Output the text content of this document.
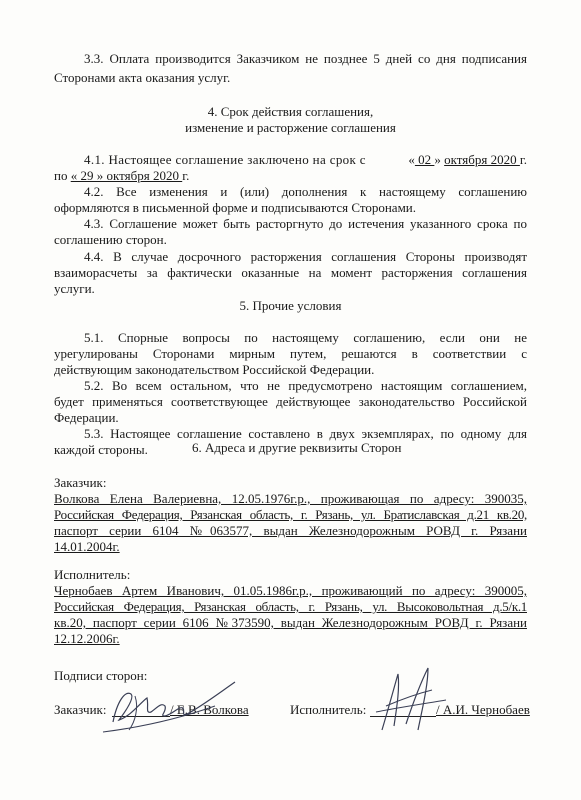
3.3. Оплата производится Заказчиком не позднее 5 дней со дня подписания
Сторонами акта оказания услуг.
4. Срок действия соглашения,
изменение и расторжение соглашения
4.1. Настоящее соглашение заключено на срок с	« 02 » октября 2020 г.
по « 29 » октября 2020 г.
4.2. Все изменения и (или) дополнения к настоящему соглашению
оформляются в письменной форме и подписываются Сторонами.
4.3. Соглашение может быть расторгнуто до истечения указанного срока по
соглашению сторон.
4.4. В случае досрочного расторжения соглашения Стороны производят
взаиморасчеты за фактически оказанные на момент расторжения соглашения
услуги.
5. Прочие условия
5.1. Спорные вопросы по настоящему соглашению, если они не
урегулированы Сторонами мирным путем, решаются в соответствии с
действующим законодательством Российской Федерации.
5.2. Во всем остальном, что не предусмотрено настоящим соглашением,
будет применяться соответствующее действующее законодательство Российской
Федерации.
5.3. Настоящее соглашение составлено в двух экземплярах, по одному для
каждой стороны.	6. Адреса и другие реквизиты Сторон
Заказчик:
Волкова Елена Валериевна, 12.05.1976г.р., проживающая по адресу: 390035,
Российская Федерация, Рязанская область, г. Рязань, ул. Братиславская д.21 кв.20,
паспорт серии 6104 №063577, выдан Железнодорожным РОВД г. Рязани
14.01.2004г.
Исполнитель:
Чернобаев Артем Иванович, 01.05.1986г.р., проживающий по адресу: 390005,
Российская Федерация, Рязанская область, г. Рязань, ул. Высоковольтная д.5/к.1
кв.20, паспорт серии 6106 №373590, выдан Железнодорожным РОВД г. Рязани
12.12.2006г.
Подписи сторон:
Заказчик:	/ Е.В. Волкова	Исполнитель:	/ А.И. Чернобаев
